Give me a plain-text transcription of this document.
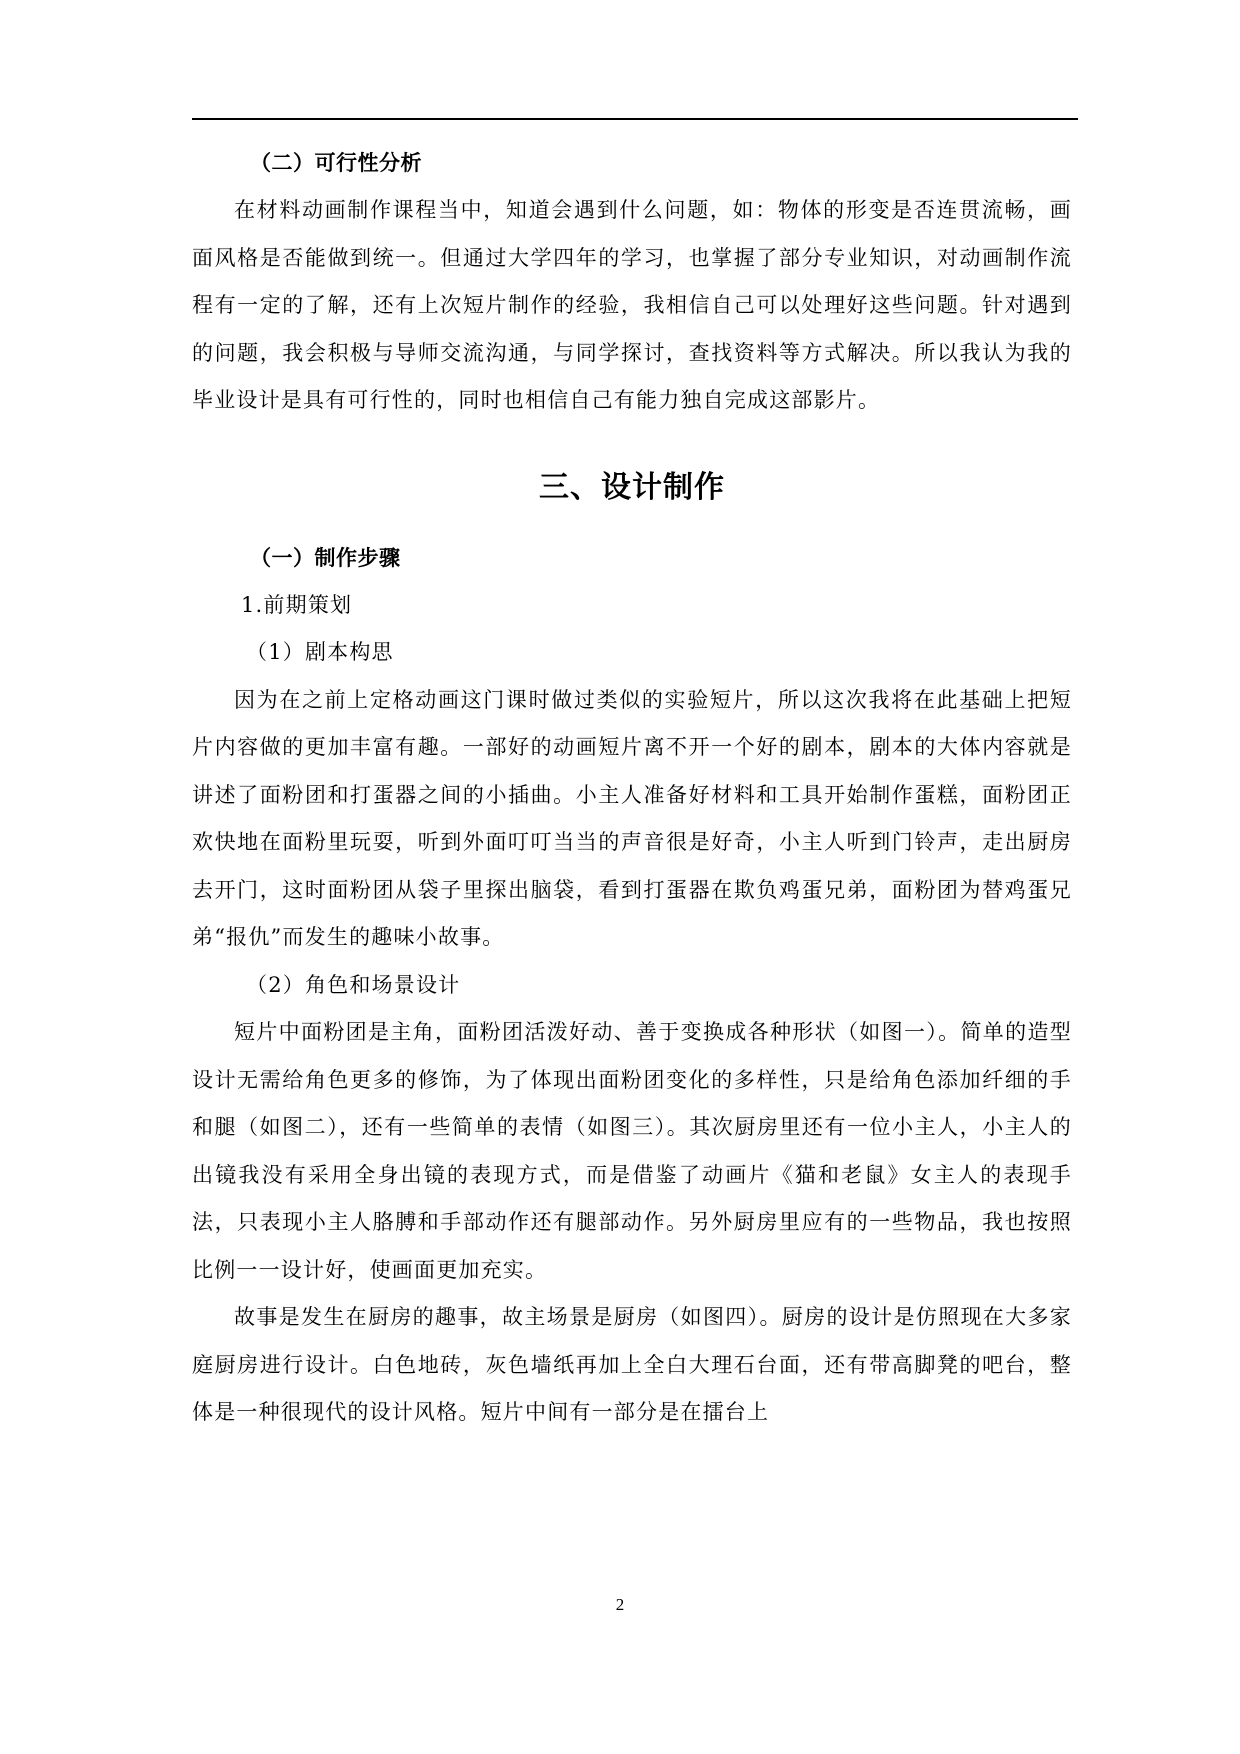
（二）可行性分析

在材料动画制作课程当中，知道会遇到什么问题，如：物体的形变是否连贯流畅，画面风格是否能做到统一。但通过大学四年的学习，也掌握了部分专业知识，对动画制作流程有一定的了解，还有上次短片制作的经验，我相信自己可以处理好这些问题。针对遇到的问题，我会积极与导师交流沟通，与同学探讨，查找资料等方式解决。所以我认为我的毕业设计是具有可行性的，同时也相信自己有能力独自完成这部影片。

三、设计制作
（一）制作步骤
1.前期策划
（1）剧本构思

因为在之前上定格动画这门课时做过类似的实验短片，所以这次我将在此基础上把短片内容做的更加丰富有趣。一部好的动画短片离不开一个好的剧本，剧本的大体内容就是讲述了面粉团和打蛋器之间的小插曲。小主人准备好材料和工具开始制作蛋糕，面粉团正欢快地在面粉里玩耍，听到外面叮叮当当的声音很是好奇，小主人听到门铃声，走出厨房去开门，这时面粉团从袋子里探出脑袋，看到打蛋器在欺负鸡蛋兄弟，面粉团为替鸡蛋兄弟“报仇”而发生的趣味小故事。

（2）角色和场景设计

短片中面粉团是主角，面粉团活泼好动、善于变换成各种形状（如图一）。简单的造型设计无需给角色更多的修饰，为了体现出面粉团变化的多样性，只是给角色添加纤细的手和腿（如图二），还有一些简单的表情（如图三）。其次厨房里还有一位小主人，小主人的出镜我没有采用全身出镜的表现方式，而是借鉴了动画片《猫和老鼠》女主人的表现手法，只表现小主人胳膊和手部动作还有腿部动作。另外厨房里应有的一些物品，我也按照比例一一设计好，使画面更加充实。

故事是发生在厨房的趣事，故主场景是厨房（如图四）。厨房的设计是仿照现在大多家庭厨房进行设计。白色地砖，灰色墙纸再加上全白大理石台面，还有带高脚凳的吧台，整体是一种很现代的设计风格。短片中间有一部分是在擂台上

2
